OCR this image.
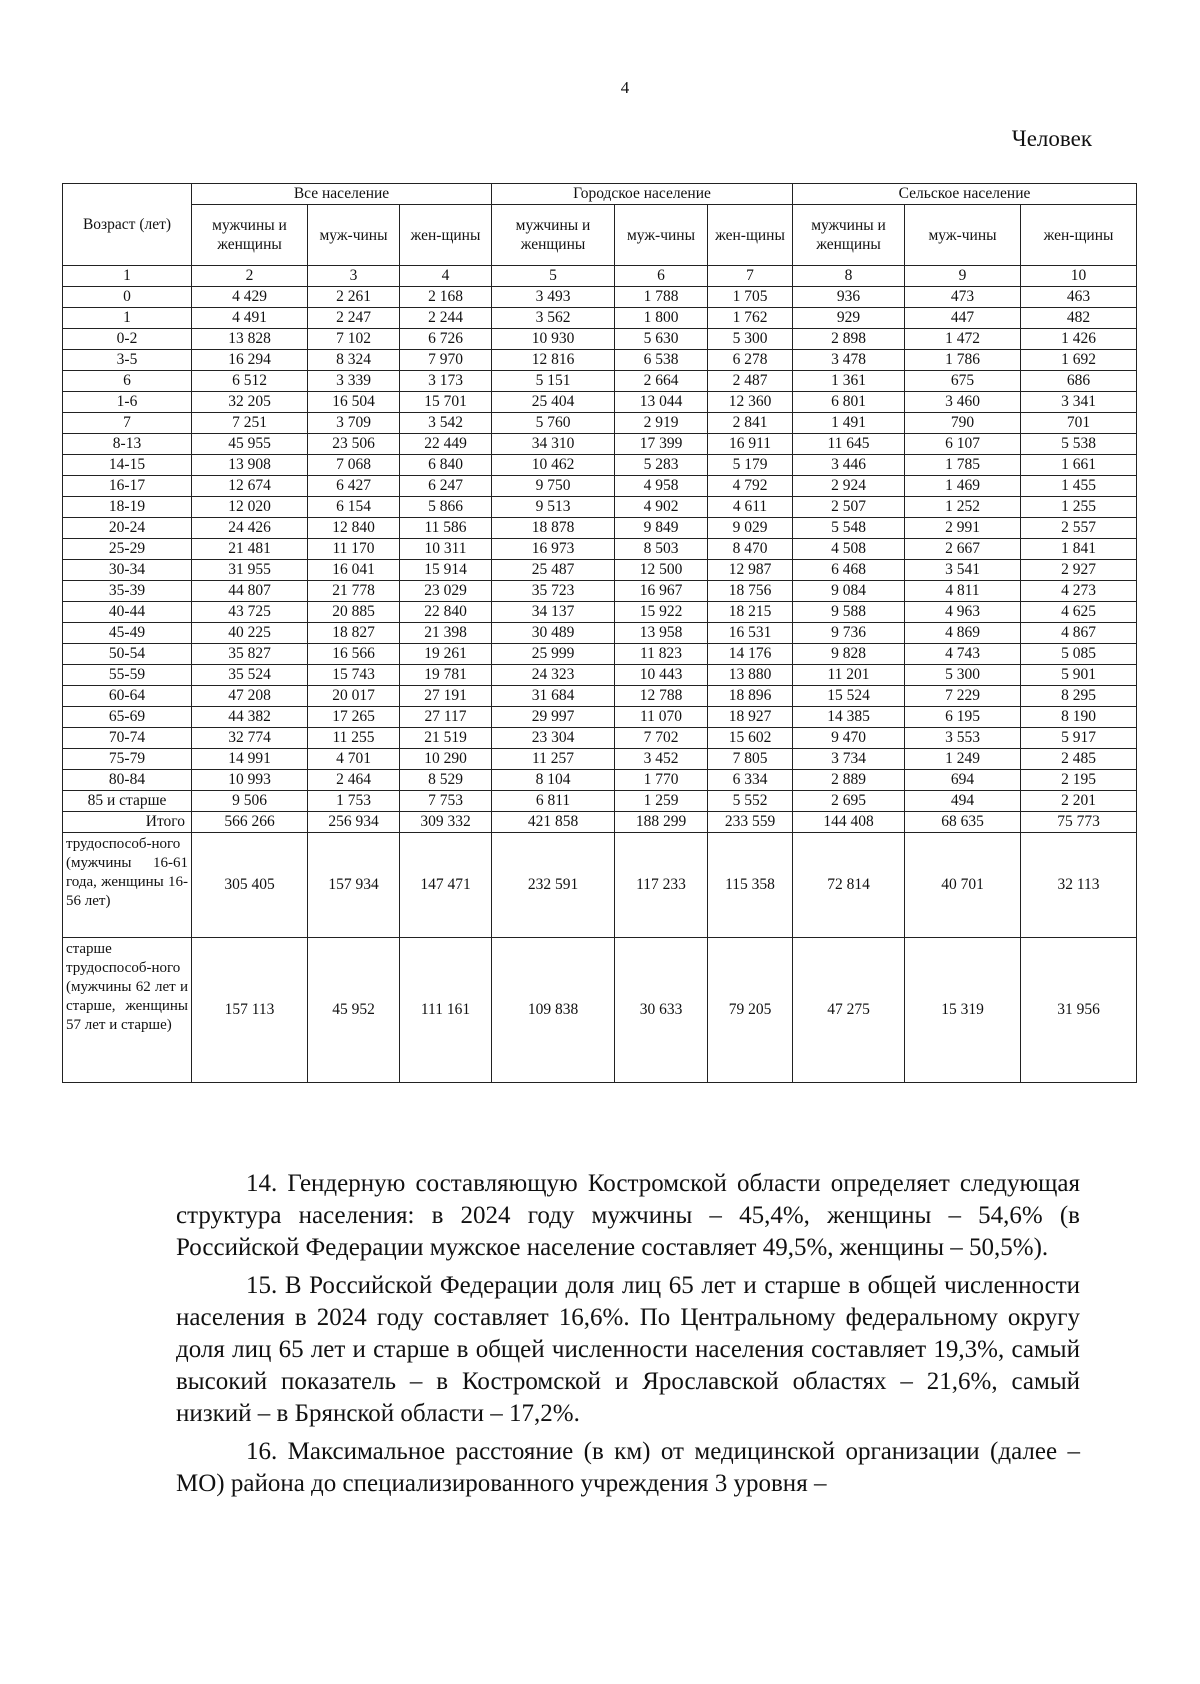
4
Человек
Возраст (лет)	Все население			Городское население			Сельское население		
	мужчины и женщины	муж-чины	жен-щины	мужчины и женщины	муж-чины	жен-щины	мужчины и женщины	муж-чины	жен-щины
1	2	3	4	5	6	7	8	9	10
0	4 429	2 261	2 168	3 493	1 788	1 705	936	473	463
1	4 491	2 247	2 244	3 562	1 800	1 762	929	447	482
0-2	13 828	7 102	6 726	10 930	5 630	5 300	2 898	1 472	1 426
3-5	16 294	8 324	7 970	12 816	6 538	6 278	3 478	1 786	1 692
6	6 512	3 339	3 173	5 151	2 664	2 487	1 361	675	686
1-6	32 205	16 504	15 701	25 404	13 044	12 360	6 801	3 460	3 341
7	7 251	3 709	3 542	5 760	2 919	2 841	1 491	790	701
8-13	45 955	23 506	22 449	34 310	17 399	16 911	11 645	6 107	5 538
14-15	13 908	7 068	6 840	10 462	5 283	5 179	3 446	1 785	1 661
16-17	12 674	6 427	6 247	9 750	4 958	4 792	2 924	1 469	1 455
18-19	12 020	6 154	5 866	9 513	4 902	4 611	2 507	1 252	1 255
20-24	24 426	12 840	11 586	18 878	9 849	9 029	5 548	2 991	2 557
25-29	21 481	11 170	10 311	16 973	8 503	8 470	4 508	2 667	1 841
30-34	31 955	16 041	15 914	25 487	12 500	12 987	6 468	3 541	2 927
35-39	44 807	21 778	23 029	35 723	16 967	18 756	9 084	4 811	4 273
40-44	43 725	20 885	22 840	34 137	15 922	18 215	9 588	4 963	4 625
45-49	40 225	18 827	21 398	30 489	13 958	16 531	9 736	4 869	4 867
50-54	35 827	16 566	19 261	25 999	11 823	14 176	9 828	4 743	5 085
55-59	35 524	15 743	19 781	24 323	10 443	13 880	11 201	5 300	5 901
60-64	47 208	20 017	27 191	31 684	12 788	18 896	15 524	7 229	8 295
65-69	44 382	17 265	27 117	29 997	11 070	18 927	14 385	6 195	8 190
70-74	32 774	11 255	21 519	23 304	7 702	15 602	9 470	3 553	5 917
75-79	14 991	4 701	10 290	11 257	3 452	7 805	3 734	1 249	2 485
80-84	10 993	2 464	8 529	8 104	1 770	6 334	2 889	694	2 195
85 и старше	9 506	1 753	7 753	6 811	1 259	5 552	2 695	494	2 201
Итого	566 266	256 934	309 332	421 858	188 299	233 559	144 408	68 635	75 773
трудоспособ-ного (мужчины 16-61 года, женщины 16-56 лет)	305 405	157 934	147 471	232 591	117 233	115 358	72 814	40 701	32 113
старше трудоспособ-ного (мужчины 62 лет и старше, женщины 57 лет и старше)	157 113	45 952	111 161	109 838	30 633	79 205	47 275	15 319	31 956

14. Гендерную составляющую Костромской области определяет следующая структура населения: в 2024 году мужчины – 45,4%, женщины – 54,6% (в Российской Федерации мужское население составляет 49,5%, женщины – 50,5%).

15. В Российской Федерации доля лиц 65 лет и старше в общей численности населения в 2024 году составляет 16,6%. По Центральному федеральному округу доля лиц 65 лет и старше в общей численности населения составляет 19,3%, самый высокий показатель – в Костромской и Ярославской областях – 21,6%, самый низкий – в Брянской области – 17,2%.

16. Максимальное расстояние (в км) от медицинской организации (далее – МО) района до специализированного учреждения 3 уровня –
